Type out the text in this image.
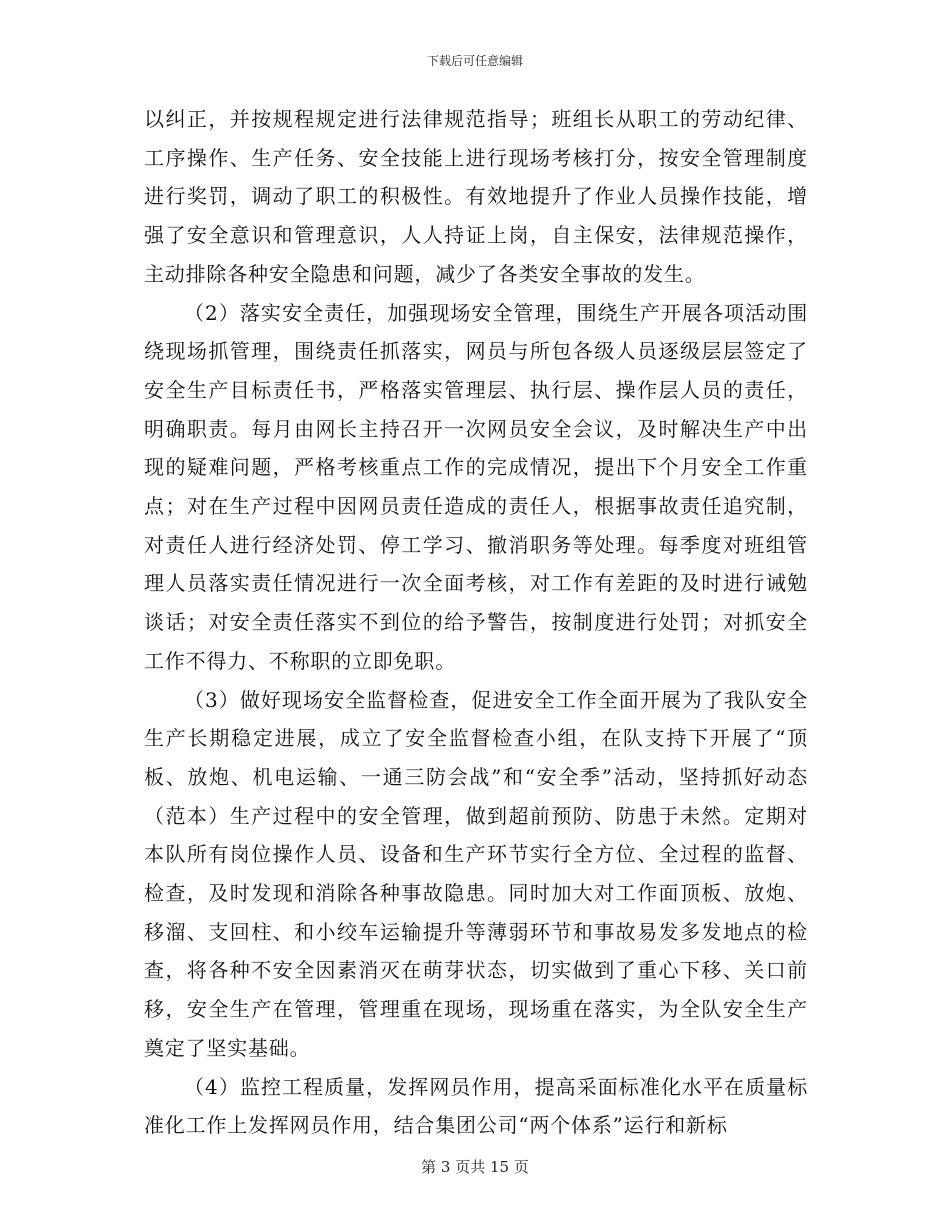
下载后可任意编辑

以纠正，并按规程规定进行法律规范指导；班组长从职工的劳动纪律、工序操作、生产任务、安全技能上进行现场考核打分，按安全管理制度进行奖罚，调动了职工的积极性。有效地提升了作业人员操作技能，增强了安全意识和管理意识，人人持证上岗，自主保安，法律规范操作，主动排除各种安全隐患和问题，减少了各类安全事故的发生。

（2）落实安全责任，加强现场安全管理，围绕生产开展各项活动围绕现场抓管理，围绕责任抓落实，网员与所包各级人员逐级层层签定了安全生产目标责任书，严格落实管理层、执行层、操作层人员的责任，明确职责。每月由网长主持召开一次网员安全会议，及时解决生产中出现的疑难问题，严格考核重点工作的完成情况，提出下个月安全工作重点；对在生产过程中因网员责任造成的责任人，根据事故责任追究制，对责任人进行经济处罚、停工学习、撤消职务等处理。每季度对班组管理人员落实责任情况进行一次全面考核，对工作有差距的及时进行诫勉谈话；对安全责任落实不到位的给予警告，按制度进行处罚；对抓安全工作不得力、不称职的立即免职。

（3）做好现场安全监督检查，促进安全工作全面开展为了我队安全生产长期稳定进展，成立了安全监督检查小组，在队支持下开展了“顶板、放炮、机电运输、一通三防会战”和“安全季”活动，坚持抓好动态（范本）生产过程中的安全管理，做到超前预防、防患于未然。定期对本队所有岗位操作人员、设备和生产环节实行全方位、全过程的监督、检查，及时发现和消除各种事故隐患。同时加大对工作面顶板、放炮、移溜、支回柱、和小绞车运输提升等薄弱环节和事故易发多发地点的检查，将各种不安全因素消灭在萌芽状态，切实做到了重心下移、关口前移，安全生产在管理，管理重在现场，现场重在落实，为全队安全生产奠定了坚实基础。

（4）监控工程质量，发挥网员作用，提高采面标准化水平在质量标准化工作上发挥网员作用，结合集团公司“两个体系”运行和新标

第 3 页共 15 页
